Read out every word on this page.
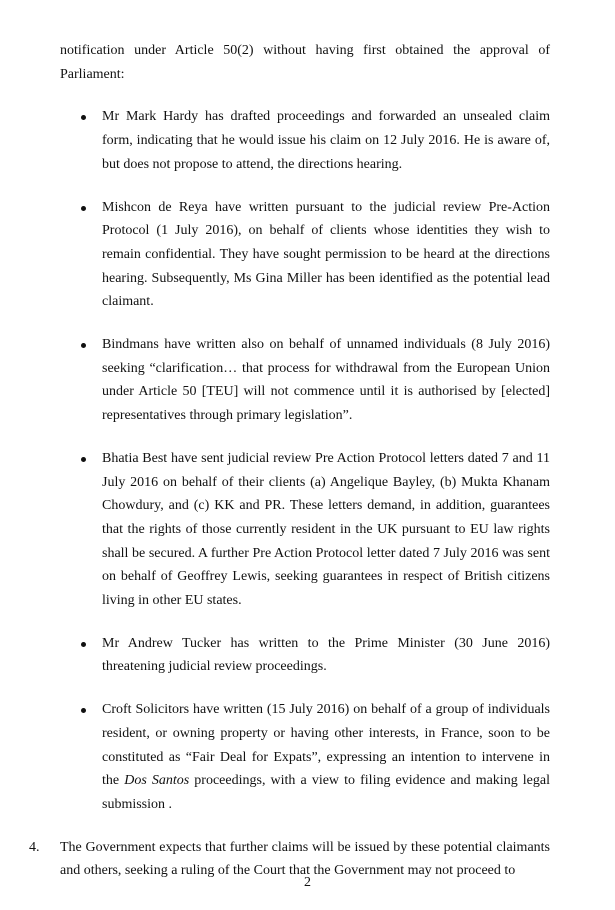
notification under Article 50(2) without having first obtained the approval of Parliament:

Mr Mark Hardy has drafted proceedings and forwarded an unsealed claim form, indicating that he would issue his claim on 12 July 2016. He is aware of, but does not propose to attend, the directions hearing.

Mishcon de Reya have written pursuant to the judicial review Pre-Action Protocol (1 July 2016), on behalf of clients whose identities they wish to remain confidential. They have sought permission to be heard at the directions hearing. Subsequently, Ms Gina Miller has been identified as the potential lead claimant.

Bindmans have written also on behalf of unnamed individuals (8 July 2016) seeking “clarification… that process for withdrawal from the European Union under Article 50 [TEU] will not commence until it is authorised by [elected] representatives through primary legislation”.

Bhatia Best have sent judicial review Pre Action Protocol letters dated 7 and 11 July 2016 on behalf of their clients (a) Angelique Bayley, (b) Mukta Khanam Chowdury, and (c) KK and PR. These letters demand, in addition, guarantees that the rights of those currently resident in the UK pursuant to EU law rights shall be secured. A further Pre Action Protocol letter dated 7 July 2016 was sent on behalf of Geoffrey Lewis, seeking guarantees in respect of British citizens living in other EU states.

Mr Andrew Tucker has written to the Prime Minister (30 June 2016) threatening judicial review proceedings.

Croft Solicitors have written (15 July 2016) on behalf of a group of individuals resident, or owning property or having other interests, in France, soon to be constituted as “Fair Deal for Expats”, expressing an intention to intervene in the Dos Santos proceedings, with a view to filing evidence and making legal submission .

4. The Government expects that further claims will be issued by these potential claimants and others, seeking a ruling of the Court that the Government may not proceed to

2
